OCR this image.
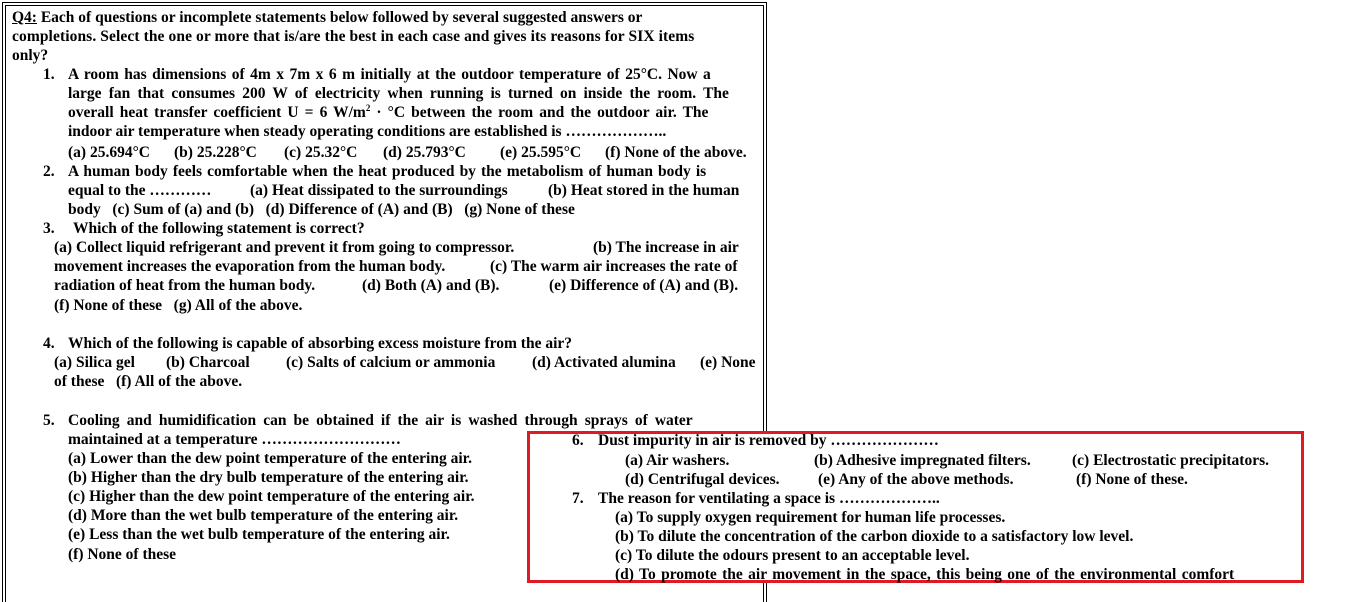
Q4: Each of questions or incomplete statements below followed by several suggested answers or
completions. Select the one or more that is/are the best in each case and gives its reasons for SIX items
only?
1. A room has dimensions of 4m x 7m x 6 m initially at the outdoor temperature of 25°C. Now a
large fan that consumes 200 W of electricity when running is turned on inside the room. The
overall heat transfer coefficient U = 6 $W/m^2 \cdot ^\circ C$ between the room and the outdoor air. The
indoor air temperature when steady operating conditions are established is ………………..
(a) 25.694°C (b) 25.228°C (c) 25.32°C (d) 25.793°C (e) 25.595°C (f) None of the above.
2. A human body feels comfortable when the heat produced by the metabolism of human body is
equal to the ………… (a) Heat dissipated to the surroundings	(b) Heat stored in the human
body   (c) Sum of (a) and (b)   (d) Difference of (A) and (B)   (g) None of these
3. Which of the following statement is correct?
(a) Collect liquid refrigerant and prevent it from going to compressor.	(b) The increase in air
movement increases the evaporation from the human body.	(c) The warm air increases the rate of
radiation of heat from the human body.	(d) Both (A) and (B).	(e) Difference of (A) and (B).
(f) None of these   (g) All of the above.
4. Which of the following is capable of absorbing excess moisture from the air?
(a) Silica gel (b) Charcoal (c) Salts of calcium or ammonia (d) Activated alumina (e) None
of these   (f) All of the above.
5. Cooling and humidification can be obtained if the air is washed through sprays of water
maintained at a temperature ………………………
(a) Lower than the dew point temperature of the entering air.
(b) Higher than the dry bulb temperature of the entering air.
(c) Higher than the dew point temperature of the entering air.
(d) More than the wet bulb temperature of the entering air.
(e) Less than the wet bulb temperature of the entering air.
(f) None of these
6. Dust impurity in air is removed by …………………
(a) Air washers.	(b) Adhesive impregnated filters.	(c) Electrostatic precipitators.
(d) Centrifugal devices. (e) Any of the above methods.	(f) None of these.
7. The reason for ventilating a space is ………………..
(a) To supply oxygen requirement for human life processes.
(b) To dilute the concentration of the carbon dioxide to a satisfactory low level.
(c) To dilute the odours present to an acceptable level.
(d) To promote the air movement in the space, this being one of the environmental comfort
